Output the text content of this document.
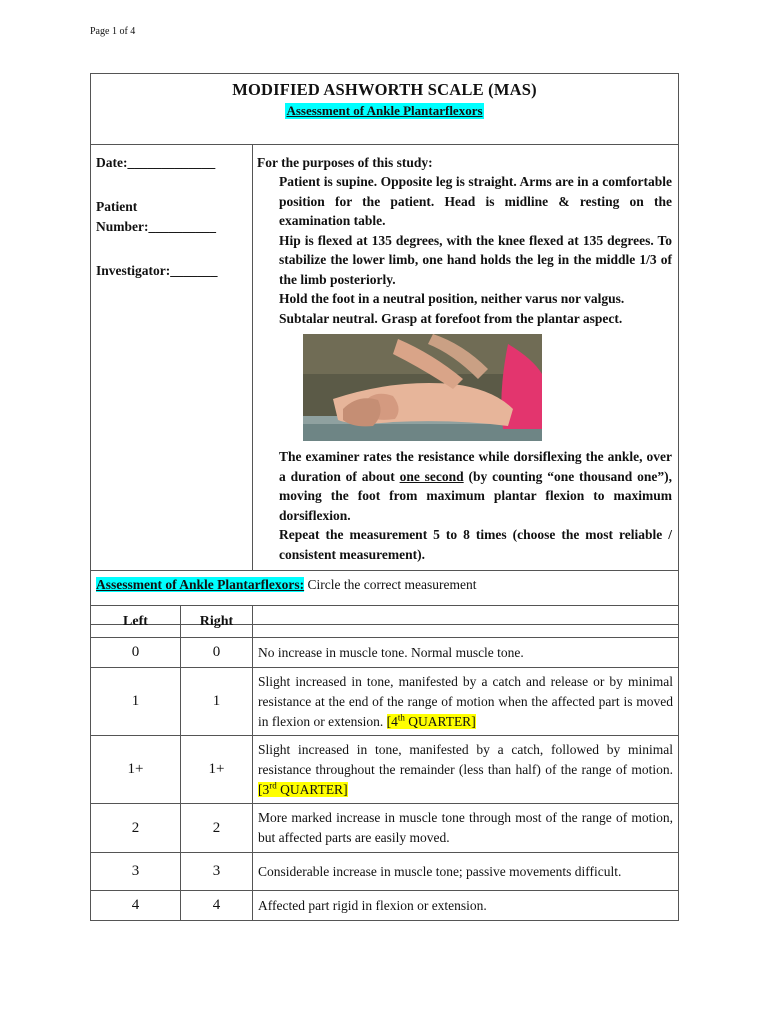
Page 1 of 4
MODIFIED ASHWORTH SCALE (MAS)
Assessment of Ankle Plantarflexors

Date:_____________
Patient
Number:__________
Investigator:_______

For the purposes of this study:
Patient is supine. Opposite leg is straight. Arms are in a comfortable position for the patient. Head is midline & resting on the examination table.
Hip is flexed at 135 degrees, with the knee flexed at 135 degrees. To stabilize the lower limb, one hand holds the leg in the middle 1/3 of the limb posteriorly.
Hold the foot in a neutral position, neither varus nor valgus.
Subtalar neutral. Grasp at forefoot from the plantar aspect.
The examiner rates the resistance while dorsiflexing the ankle, over a duration of about one second (by counting “one thousand one”), moving the foot from maximum plantar flexion to maximum dorsiflexion.
Repeat the measurement 5 to 8 times (choose the most reliable / consistent measurement).

Assessment of Ankle Plantarflexors: Circle the correct measurement
Left	Right	
0	0	No increase in muscle tone. Normal muscle tone.
1	1	Slight increased in tone, manifested by a catch and release or by minimal resistance at the end of the range of motion when the affected part is moved in flexion or extension. [4th QUARTER]
1+	1+	Slight increased in tone, manifested by a catch, followed by minimal resistance throughout the remainder (less than half) of the range of motion. [3rd QUARTER]
2	2	More marked increase in muscle tone through most of the range of motion, but affected parts are easily moved.
3	3	Considerable increase in muscle tone; passive movements difficult.
4	4	Affected part rigid in flexion or extension.
